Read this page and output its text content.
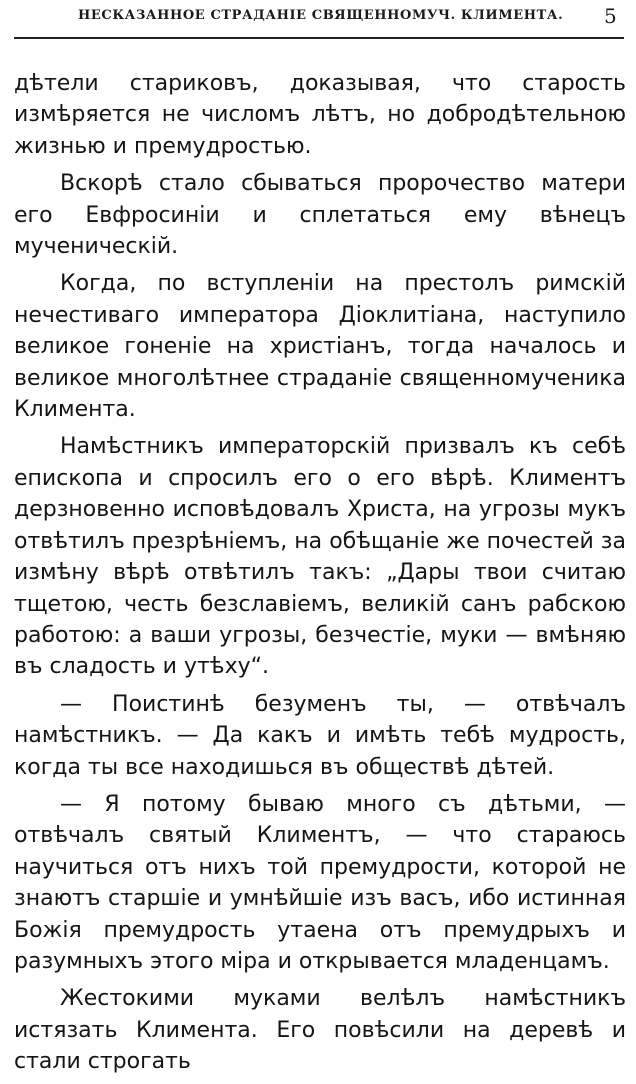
НЕСКАЗАННОЕ СТРАДАНІЕ СВЯЩЕННОМУЧ. КЛИМЕНТА. 5

дѣтели стариковъ, доказывая, что старость измѣряется не числомъ лѣтъ, но добродѣтельною жизнью и премудростью.

Вскорѣ стало сбываться пророчество матери его Евфросиніи и сплетаться ему вѣнецъ мученическій.

Когда, по вступленіи на престолъ римскій нечестиваго императора Діоклитіана, наступило великое гоненіе на христіанъ, тогда началось и великое многолѣтнее страданіе священномученика Климента.

Намѣстникъ императорскій призвалъ къ себѣ епископа и спросилъ его о его вѣрѣ. Климентъ дерзновенно исповѣдовалъ Христа, на угрозы мукъ отвѣтилъ презрѣніемъ, на обѣщаніе же почестей за измѣну вѣрѣ отвѣтилъ такъ: „Дары твои считаю тщетою, честь безславіемъ, великій санъ рабскою работою: а ваши угрозы, безчестіе, муки — вмѣняю въ сладость и утѣху“.

— Поистинѣ безуменъ ты, — отвѣчалъ намѣстникъ. — Да какъ и имѣть тебѣ мудрость, когда ты все находишься въ обществѣ дѣтей.

— Я потому бываю много съ дѣтьми, — отвѣчалъ святый Климентъ, — что стараюсь научиться отъ нихъ той премудрости, которой не знаютъ старшіе и умнѣйшіе изъ васъ, ибо истинная Божія премудрость утаена отъ премудрыхъ и разумныхъ этого міра и открывается младенцамъ.

Жестокими муками велѣлъ намѣстникъ истязать Климента. Его повѣсили на деревѣ и стали строгать
